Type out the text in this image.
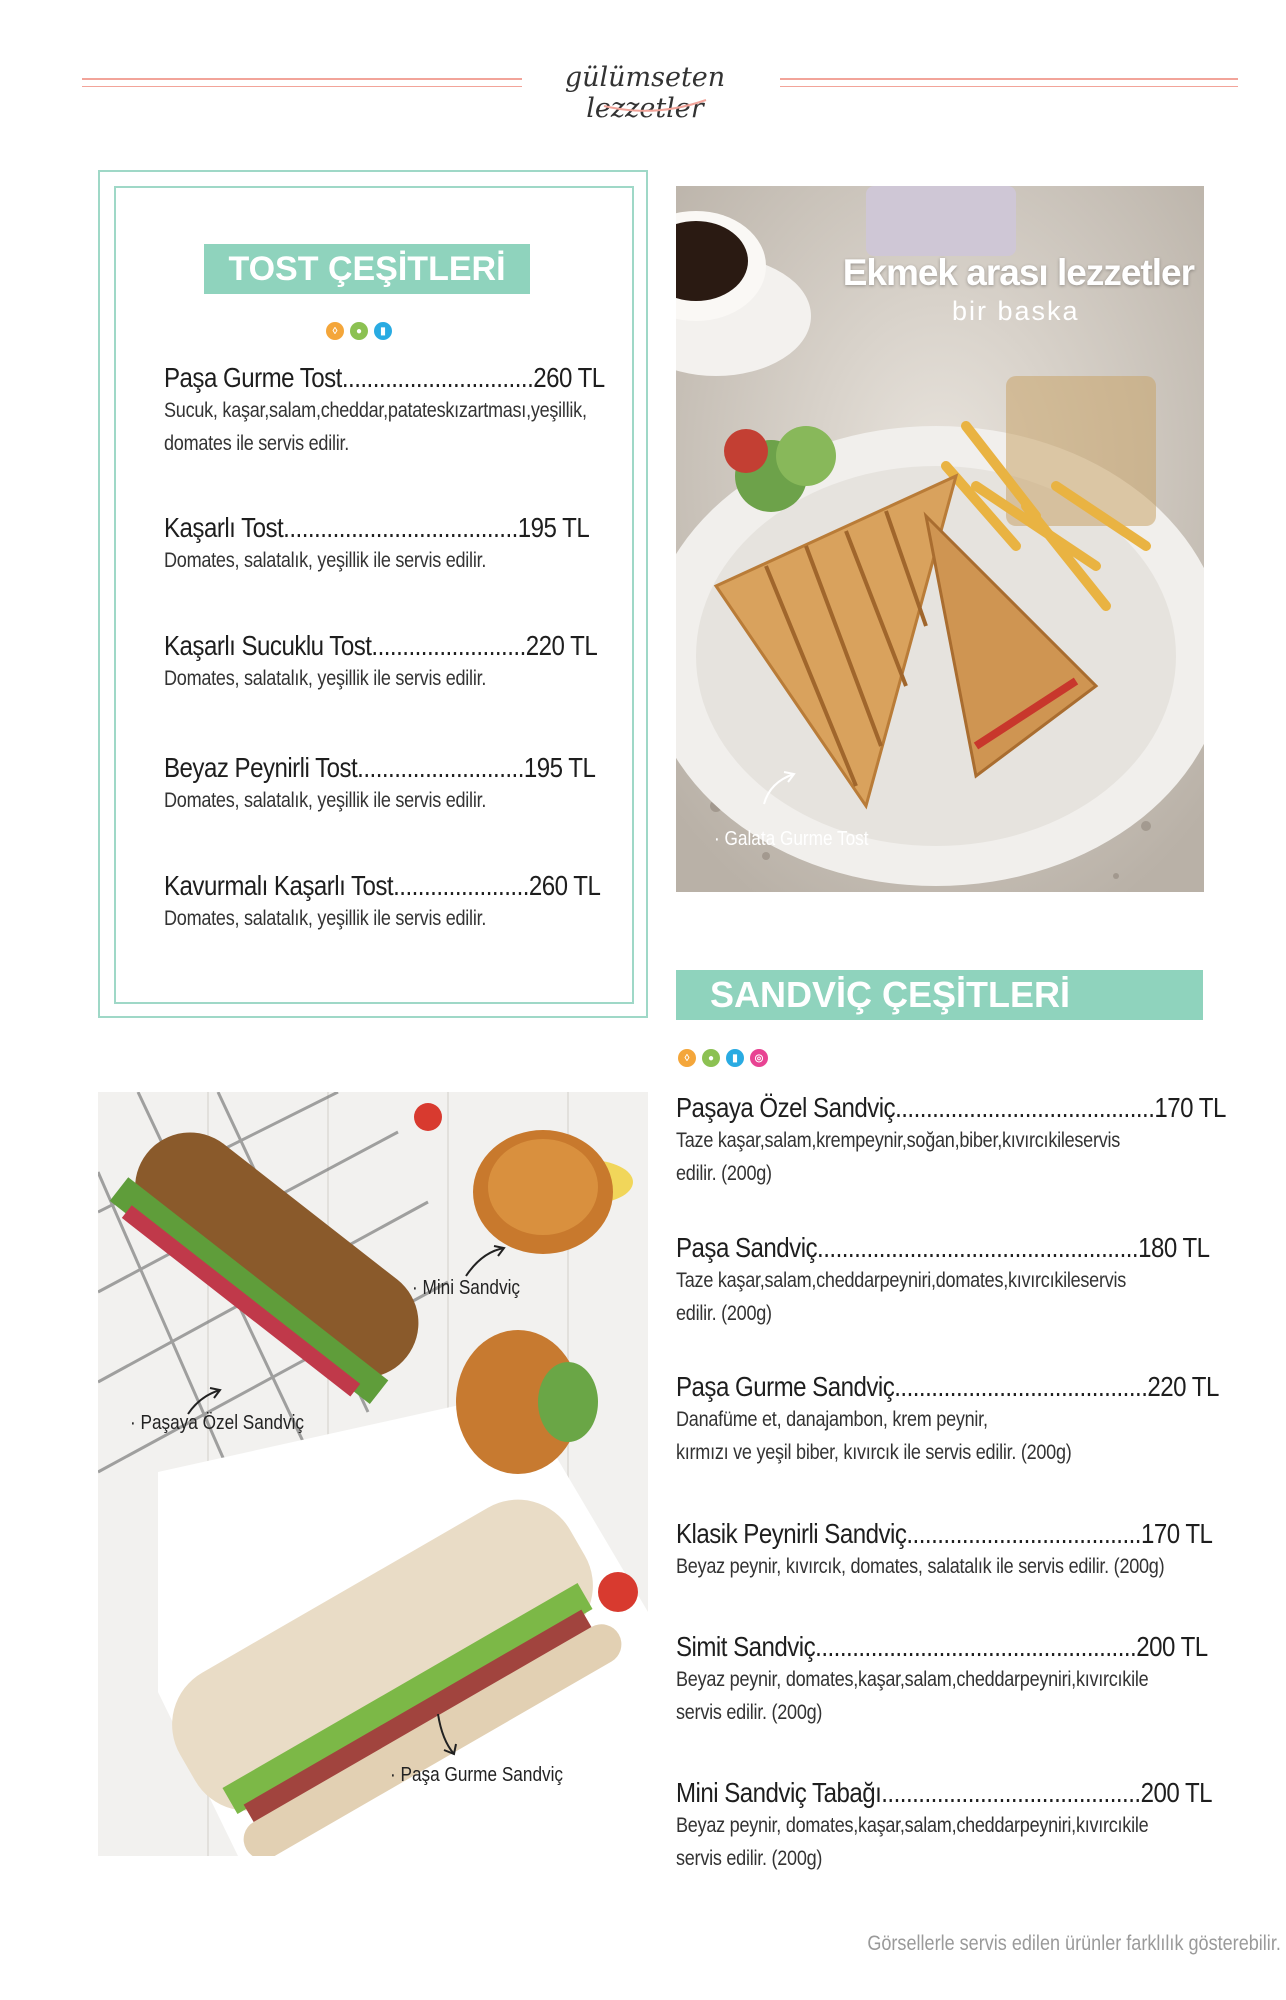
gülümseten lezzetler
TOST ÇEŞİTLERİ
◊	●	▮
Paşa Gurme Tost...............................260 TL
Sucuk, kaşar,salam,cheddar,patateskızartması,yeşillik, domates ile servis edilir.
Kaşarlı Tost......................................195 TL
Domates, salatalık, yeşillik ile servis edilir.
Kaşarlı Sucuklu Tost.........................220 TL
Domates, salatalık, yeşillik ile servis edilir.
Beyaz Peynirli Tost...........................195 TL
Domates, salatalık, yeşillik ile servis edilir.
Kavurmalı Kaşarlı Tost......................260 TL
Domates, salatalık, yeşillik ile servis edilir.
Ekmek arası lezzetler
bir baska
· Galata Gurme Tost
SANDVİÇ ÇEŞİTLERİ
◊	●	▮	◎
Paşaya Özel Sandviç..........................................170 TL
Taze kaşar,salam,krempeynir,soğan,biber,kıvırcıkileservis
edilir. (200g)
Paşa Sandviç....................................................180 TL
Taze kaşar,salam,cheddarpeyniri,domates,kıvırcıkileservis
edilir. (200g)
Paşa Gurme Sandviç.........................................220 TL
Danafüme et, danajambon, krem peynir,
kırmızı ve yeşil biber, kıvırcık ile servis edilir. (200g)
Klasik Peynirli Sandviç......................................170 TL
Beyaz peynir, kıvırcık, domates, salatalık ile servis edilir. (200g)
Simit Sandviç....................................................200 TL
Beyaz peynir, domates,kaşar,salam,cheddarpeyniri,kıvırcıkile
servis edilir. (200g)
Mini Sandviç Tabağı..........................................200 TL
Beyaz peynir, domates,kaşar,salam,cheddarpeyniri,kıvırcıkile
servis edilir. (200g)
· Mini Sandviç
· Paşaya Özel Sandviç
· Paşa Gurme Sandviç
Görsellerle servis edilen ürünler farklılık gösterebilir.
